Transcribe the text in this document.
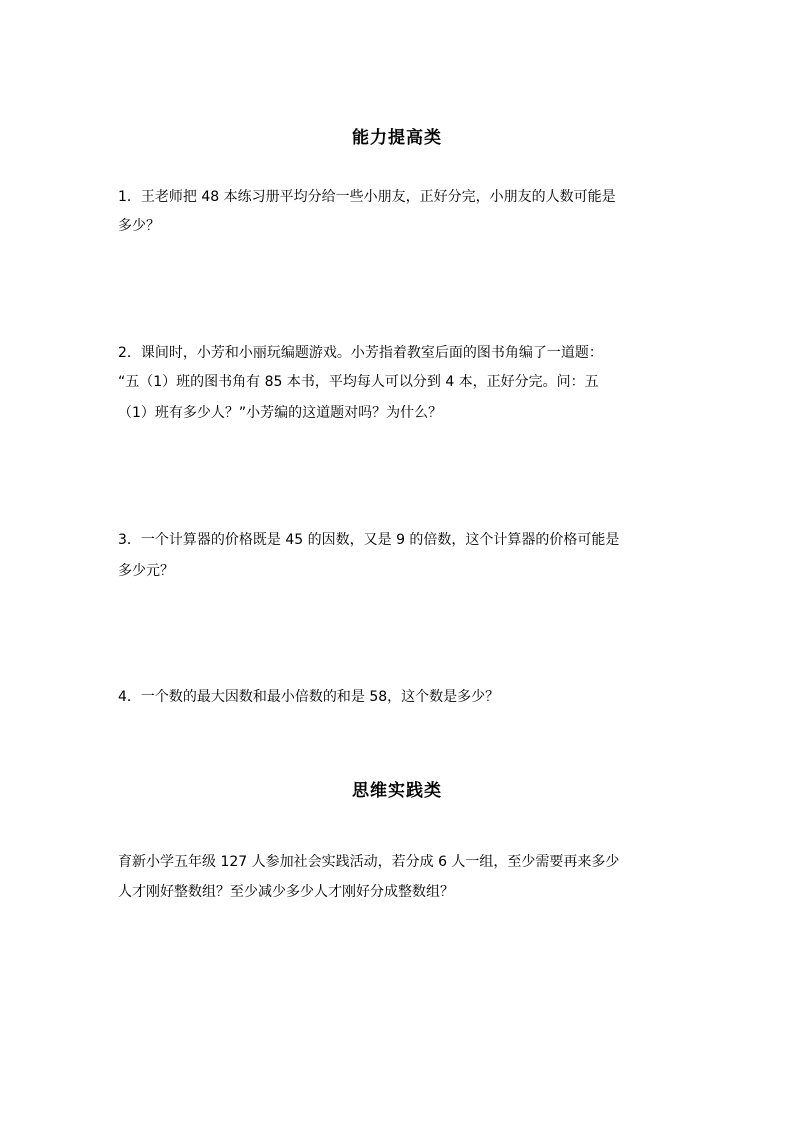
能力提高类
1．王老师把 48 本练习册平均分给一些小朋友，正好分完，小朋友的人数可能是
多少？
2．课间时，小芳和小丽玩编题游戏。小芳指着教室后面的图书角编了一道题：
“五（1）班的图书角有 85 本书，平均每人可以分到 4 本，正好分完。问：五
（1）班有多少人？”小芳编的这道题对吗？为什么？
3．一个计算器的价格既是 45 的因数，又是 9 的倍数，这个计算器的价格可能是
多少元？
4．一个数的最大因数和最小倍数的和是 58，这个数是多少？
思维实践类
育新小学五年级 127 人参加社会实践活动，若分成 6 人一组，至少需要再来多少
人才刚好整数组？至少减少多少人才刚好分成整数组？
